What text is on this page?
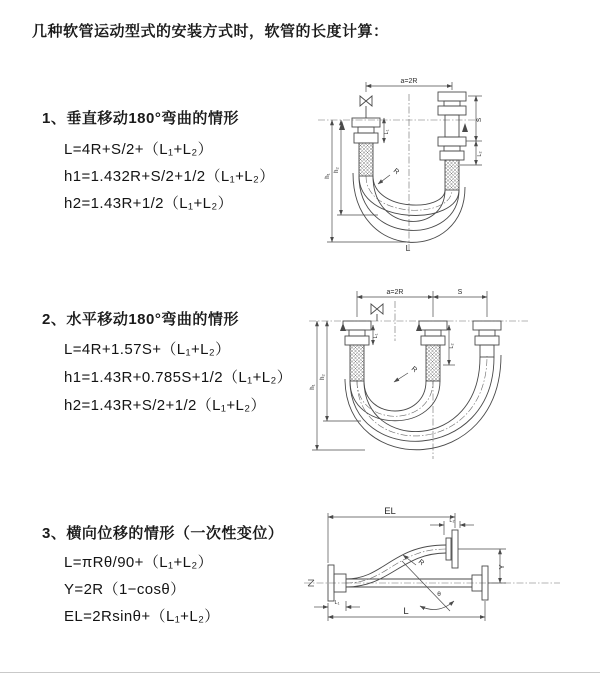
几种软管运动型式的安装方式时，软管的长度计算：
1、垂直移动180°弯曲的情形
L=4R+S/2+（L₁+L₂）
h1=1.432R+S/2+1/2（L₁+L₂）
h2=1.43R+1/2（L₁+L₂）
2、水平移动180°弯曲的情形
L=4R+1.57S+（L₁+L₂）
h1=1.43R+0.785S+1/2（L₁+L₂）
h2=1.43R+S/2+1/2（L₁+L₂）
3、横向位移的情形（一次性变位）
L=πRθ/90+（L₁+L₂）
Y=2R（1−cosθ）
EL=2Rsinθ+（L₁+L₂）
a=2R
h₁
h₂
L₁
S
L₂
R
L
a=2R	S
h₁
h₂
L₁
L₂
R
EL
L₂
Y
R
θ
L
L₁
